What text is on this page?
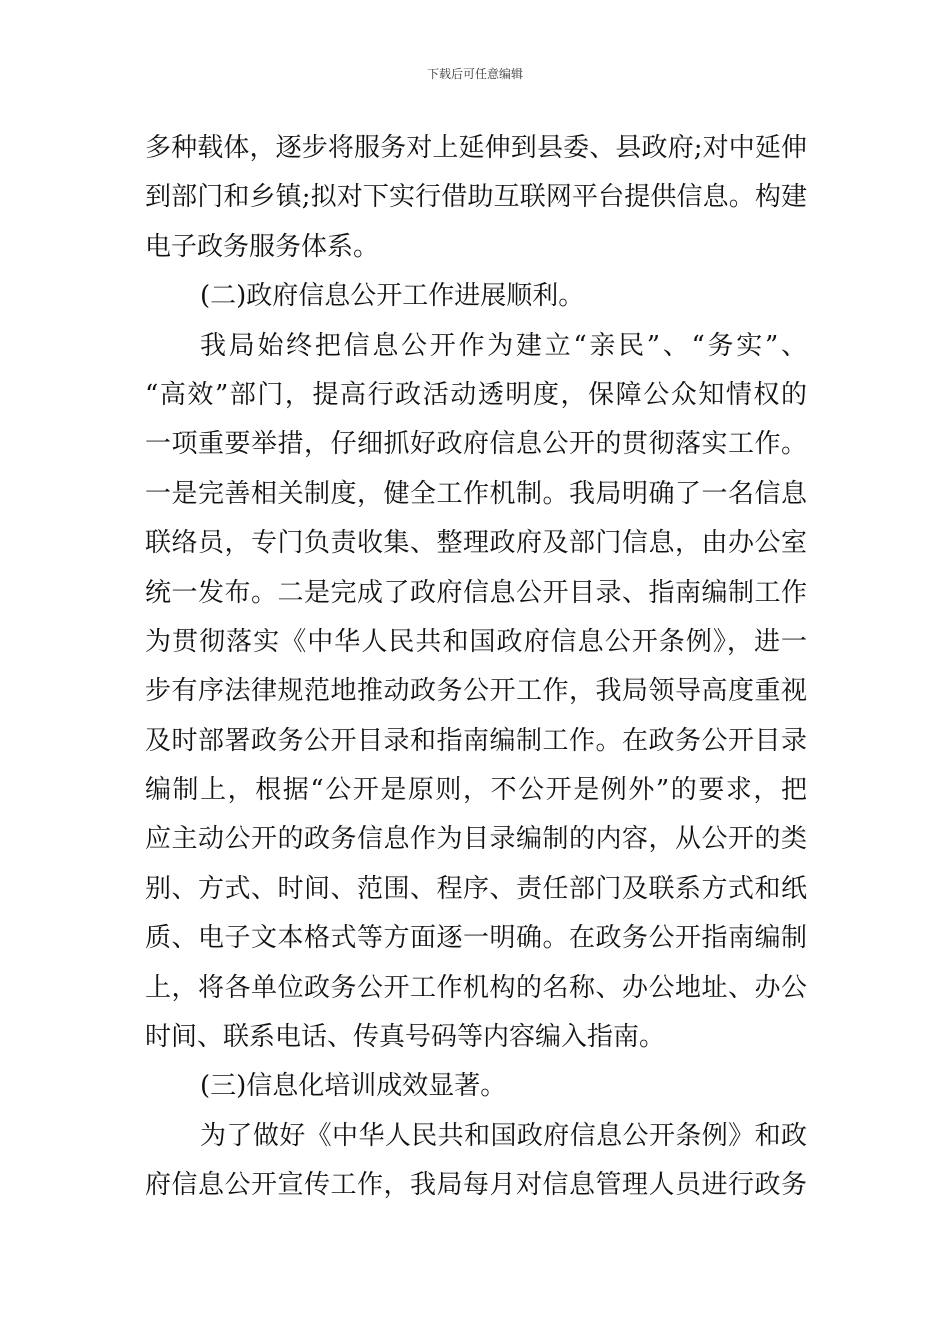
下载后可任意编辑
多种载体，逐步将服务对上延伸到县委、县政府;对中延伸
到部门和乡镇;拟对下实行借助互联网平台提供信息。构建
电子政务服务体系。
(二)政府信息公开工作进展顺利。
我局始终把信息公开作为建立“亲民”、“务实”、
“高效”部门，提高行政活动透明度，保障公众知情权的
一项重要举措，仔细抓好政府信息公开的贯彻落实工作。
一是完善相关制度，健全工作机制。我局明确了一名信息
联络员，专门负责收集、整理政府及部门信息，由办公室
统一发布。二是完成了政府信息公开目录、指南编制工作
为贯彻落实《中华人民共和国政府信息公开条例》，进一
步有序法律规范地推动政务公开工作，我局领导高度重视
及时部署政务公开目录和指南编制工作。在政务公开目录
编制上，根据“公开是原则，不公开是例外”的要求，把
应主动公开的政务信息作为目录编制的内容，从公开的类
别、方式、时间、范围、程序、责任部门及联系方式和纸
质、电子文本格式等方面逐一明确。在政务公开指南编制
上，将各单位政务公开工作机构的名称、办公地址、办公
时间、联系电话、传真号码等内容编入指南。
(三)信息化培训成效显著。
为了做好《中华人民共和国政府信息公开条例》和政
府信息公开宣传工作，我局每月对信息管理人员进行政务
